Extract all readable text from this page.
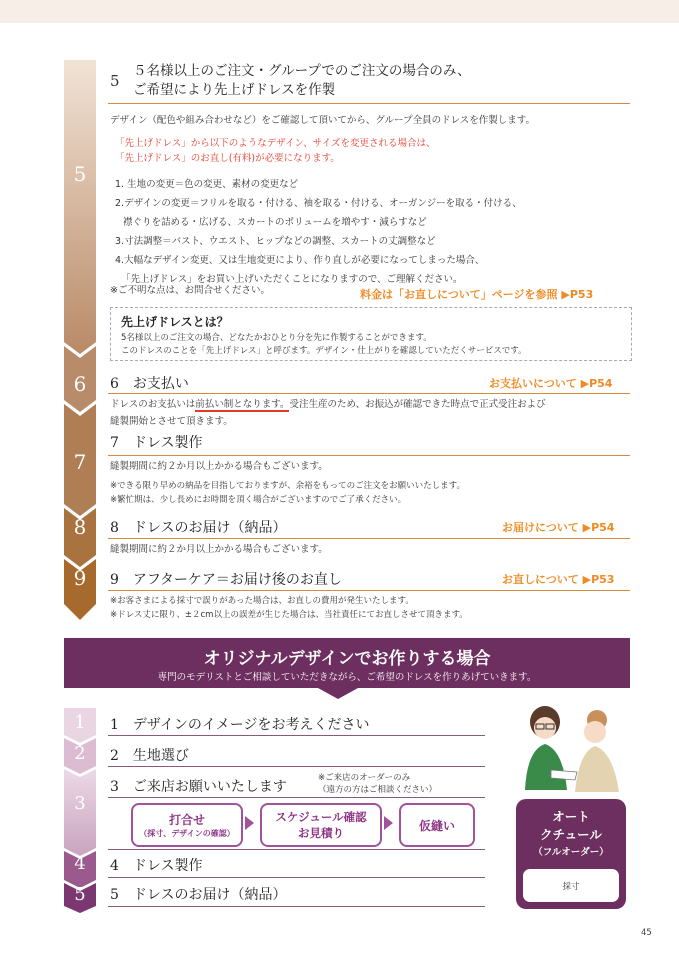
5
6
7
8
9
5
５名様以上のご注文・グループでのご注文の場合のみ、
ご希望により先上げドレスを作製
デザイン（配色や組み合わせなど）をご確認して頂いてから、グループ全員のドレスを作製します。
「先上げドレス」から以下のようなデザイン、サイズを変更される場合は、
「先上げドレス」のお直し(有料)が必要になります。
1. 生地の変更＝色の変更、素材の変更など
2.デザインの変更＝フリルを取る・付ける、袖を取る・付ける、オーガンジーを取る・付ける、
襟ぐりを詰める・広げる、スカートのボリュームを増やす・減らすなど
3.寸法調整＝バスト、ウエスト、ヒップなどの調整、スカートの丈調整など
4.大幅なデザイン変更、又は生地変更により、作り直しが必要になってしまった場合、
「先上げドレス」をお買い上げいただくことになりますので、ご理解ください。
※ご不明な点は、お問合せください。	料金は「お直しについて」ページを参照 ▶P53
先上げドレスとは？
5名様以上のご注文の場合、どなたかおひとり分を先に作製することができます。
このドレスのことを「先上げドレス」と呼びます。デザイン・仕上がりを確認していただくサービスです。
6　お支払い	お支払いについて ▶P54
ドレスのお支払いは前払い制となります。受注生産のため、お振込が確認できた時点で正式受注および
縫製開始とさせて頂きます。
7　ドレス製作
縫製期間に約２か月以上かかる場合もございます。
※できる限り早めの納品を目指しておりますが、余裕をもってのご注文をお願いいたします。
※繁忙期は、少し長めにお時間を頂く場合がございますのでご了承ください。
8　ドレスのお届け（納品）	お届けについて ▶P54
縫製期間に約２か月以上かかる場合もございます。
9　アフターケア＝お届け後のお直し	お直しについて ▶P53
※お客さまによる採寸で誤りがあった場合は、お直しの費用が発生いたします。
※ドレス丈に限り、±２cm以上の誤差が生じた場合は、当社責任にてお直しさせて頂きます。
オリジナルデザインでお作りする場合
専門のモデリストとご相談していただきながら、ご希望のドレスを作りあげていきます。
1
2
3
4
5
1　デザインのイメージをお考えください
2　生地選び
3　ご来店お願いいたします
※ご来店のオーダーのみ
（遠方の方はご相談ください）
打合せ
（採寸、デザインの確認）
スケジュール確認
お見積り
仮縫い
4　ドレス製作
5　ドレスのお届け（納品）
オート
クチュール
（フルオーダー）
採寸
45
